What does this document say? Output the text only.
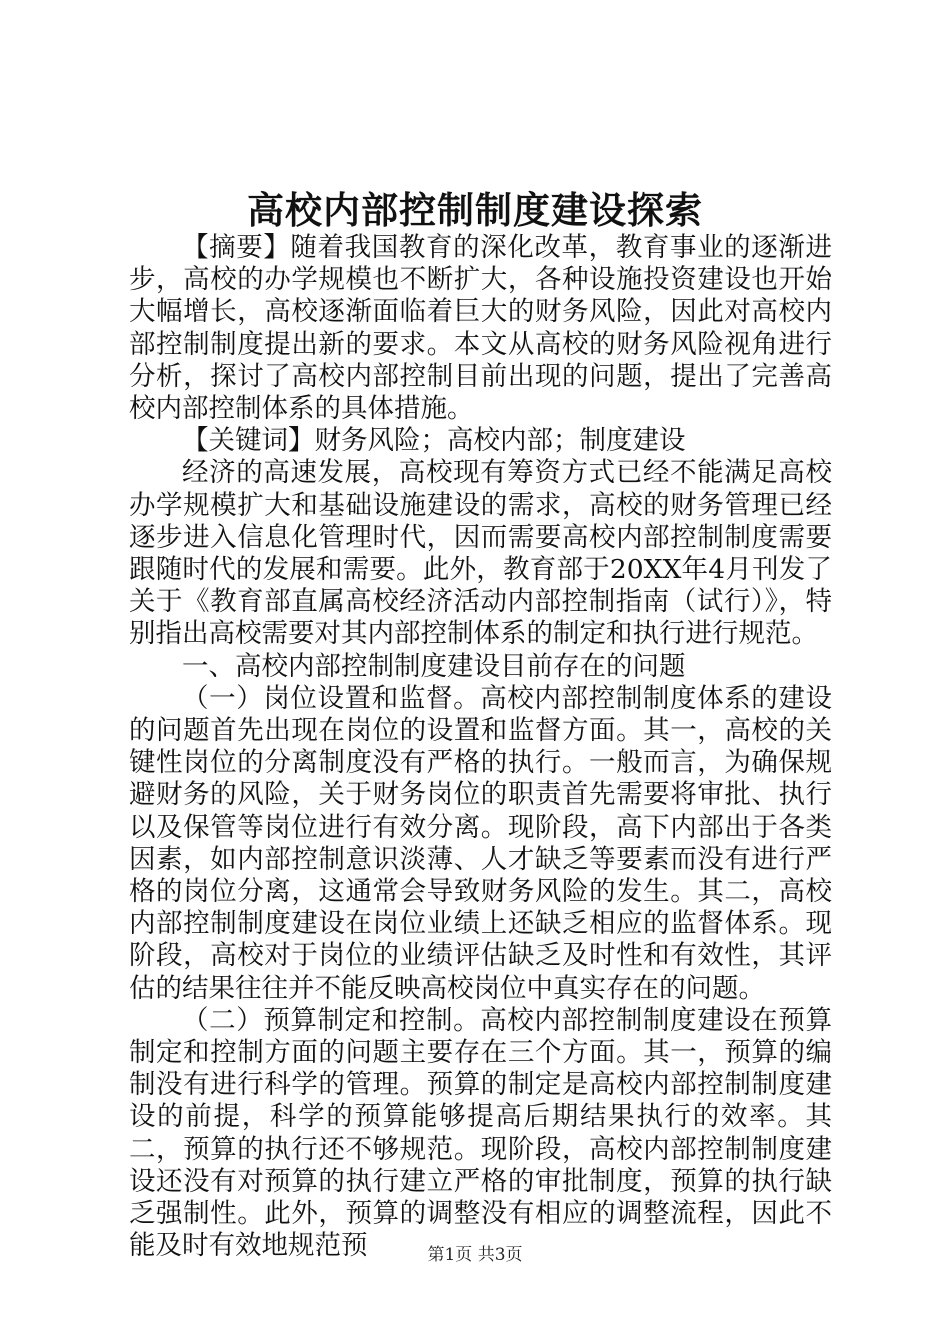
高校内部控制制度建设探索

【摘要】随着我国教育的深化改革，教育事业的逐渐进步，高校的办学规模也不断扩大，各种设施投资建设也开始大幅增长，高校逐渐面临着巨大的财务风险，因此对高校内部控制制度提出新的要求。本文从高校的财务风险视角进行分析，探讨了高校内部控制目前出现的问题，提出了完善高校内部控制体系的具体措施。

【关键词】财务风险；高校内部；制度建设

经济的高速发展，高校现有筹资方式已经不能满足高校办学规模扩大和基础设施建设的需求，高校的财务管理已经逐步进入信息化管理时代，因而需要高校内部控制制度需要跟随时代的发展和需要。此外，教育部于20XX年4月刊发了关于《教育部直属高校经济活动内部控制指南（试行）》，特别指出高校需要对其内部控制体系的制定和执行进行规范。

一、高校内部控制制度建设目前存在的问题

（一）岗位设置和监督。高校内部控制制度体系的建设的问题首先出现在岗位的设置和监督方面。其一，高校的关键性岗位的分离制度没有严格的执行。一般而言，为确保规避财务的风险，关于财务岗位的职责首先需要将审批、执行以及保管等岗位进行有效分离。现阶段，高下内部出于各类因素，如内部控制意识淡薄、人才缺乏等要素而没有进行严格的岗位分离，这通常会导致财务风险的发生。其二，高校内部控制制度建设在岗位业绩上还缺乏相应的监督体系。现阶段，高校对于岗位的业绩评估缺乏及时性和有效性，其评估的结果往往并不能反映高校岗位中真实存在的问题。

（二）预算制定和控制。高校内部控制制度建设在预算制定和控制方面的问题主要存在三个方面。其一，预算的编制没有进行科学的管理。预算的制定是高校内部控制制度建设的前提，科学的预算能够提高后期结果执行的效率。其二，预算的执行还不够规范。现阶段，高校内部控制制度建设还没有对预算的执行建立严格的审批制度，预算的执行缺乏强制性。此外，预算的调整没有相应的调整流程，因此不能及时有效地规范预	第1页 共3页
